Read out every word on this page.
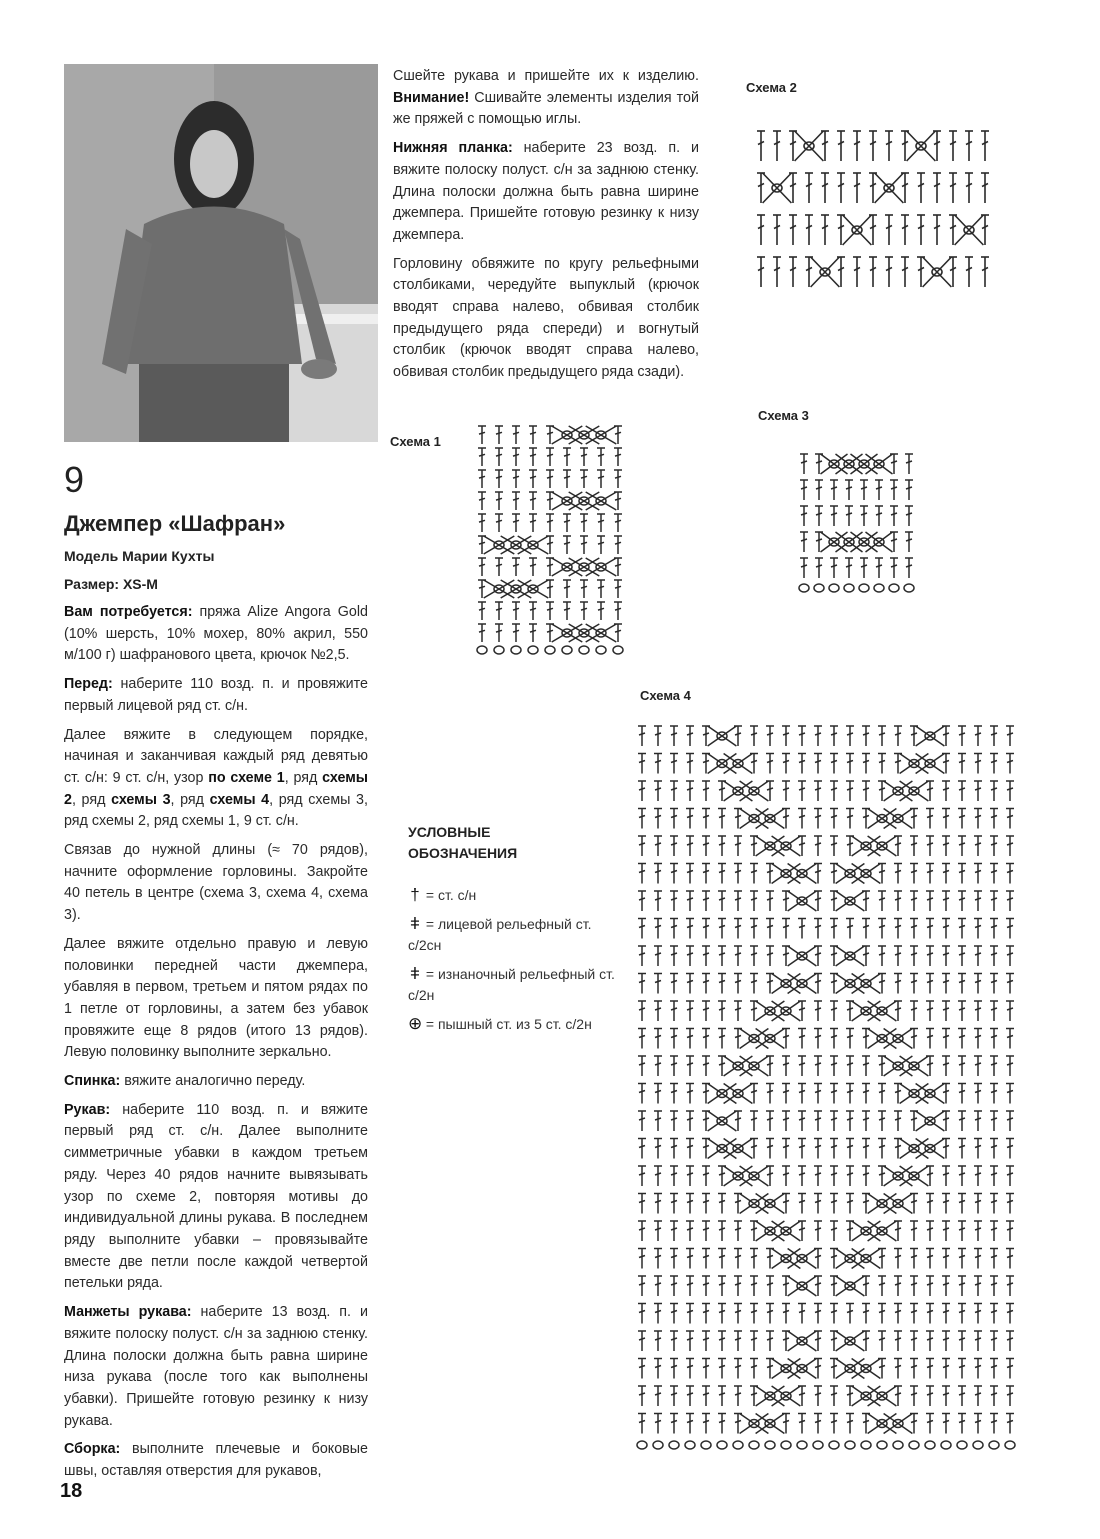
9
Джемпер «Шафран»
Модель Марии Кухты
Размер: XS-M

Вам потребуется: пряжа Alize Angora Gold (10% шерсть, 10% мохер, 80% акрил, 550 м/100 г) шафранового цвета, крючок №2,5.

Перед: наберите 110 возд. п. и провяжите первый лицевой ряд ст. с/н.

Далее вяжите в следующем порядке, начиная и заканчивая каждый ряд девятью ст. с/н: 9 ст. с/н, узор по схеме 1, ряд схемы 2, ряд схемы 3, ряд схемы 4, ряд схемы 3, ряд схемы 2, ряд схемы 1, 9 ст. с/н.

Связав до нужной длины (≈ 70 рядов), начните оформление горловины. Закройте 40 петель в центре (схема 3, схема 4, схема 3).

Далее вяжите отдельно правую и левую половинки передней части джемпера, убавляя в первом, третьем и пятом рядах по 1 петле от горловины, а затем без убавок провяжите еще 8 рядов (итого 13 рядов). Левую половинку выполните зеркально.

Спинка: вяжите аналогично переду.

Рукав: наберите 110 возд. п. и вяжите первый ряд ст. с/н. Далее выполните симметричные убавки в каждом третьем ряду. Через 40 рядов начните вывязывать узор по схеме 2, повторяя мотивы до индивидуальной длины рукава. В последнем ряду выполните убавки – провязывайте вместе две петли после каждой четвертой петельки ряда.

Манжеты рукава: наберите 13 возд. п. и вяжите полоску полуст. с/н за заднюю стенку. Длина полоски должна быть равна ширине низа рукава (после того как выполнены убавки). Пришейте готовую резинку к низу рукава.

Сборка: выполните плечевые и боковые швы, оставляя отверстия для рукавов,

Сшейте рукава и пришейте их к изделию. Внимание! Сшивайте элементы изделия той же пряжей с помощью иглы.

Нижняя планка: наберите 23 возд. п. и вяжите полоску полуст. с/н за заднюю стенку. Длина полоски должна быть равна ширине джемпера. Пришейте готовую резинку к низу джемпера.

Горловину обвяжите по кругу рельефными столбиками, чередуйте выпуклый (крючок вводят справа налево, обвивая столбик предыдущего ряда спереди) и вогнутый столбик (крючок вводят справа налево, обвивая столбик предыдущего ряда сзади).

Схема 2
Схема 1
Схема 3
Схема 4
УСЛОВНЫЕ
ОБОЗНАЧЕНИЯ
† = ст. с/н
ǂ = лицевой рельефный ст. с/2сн
ǂ = изнаночный рельефный ст. с/2н
⊕ = пышный ст. из 5 ст. с/2н
18
